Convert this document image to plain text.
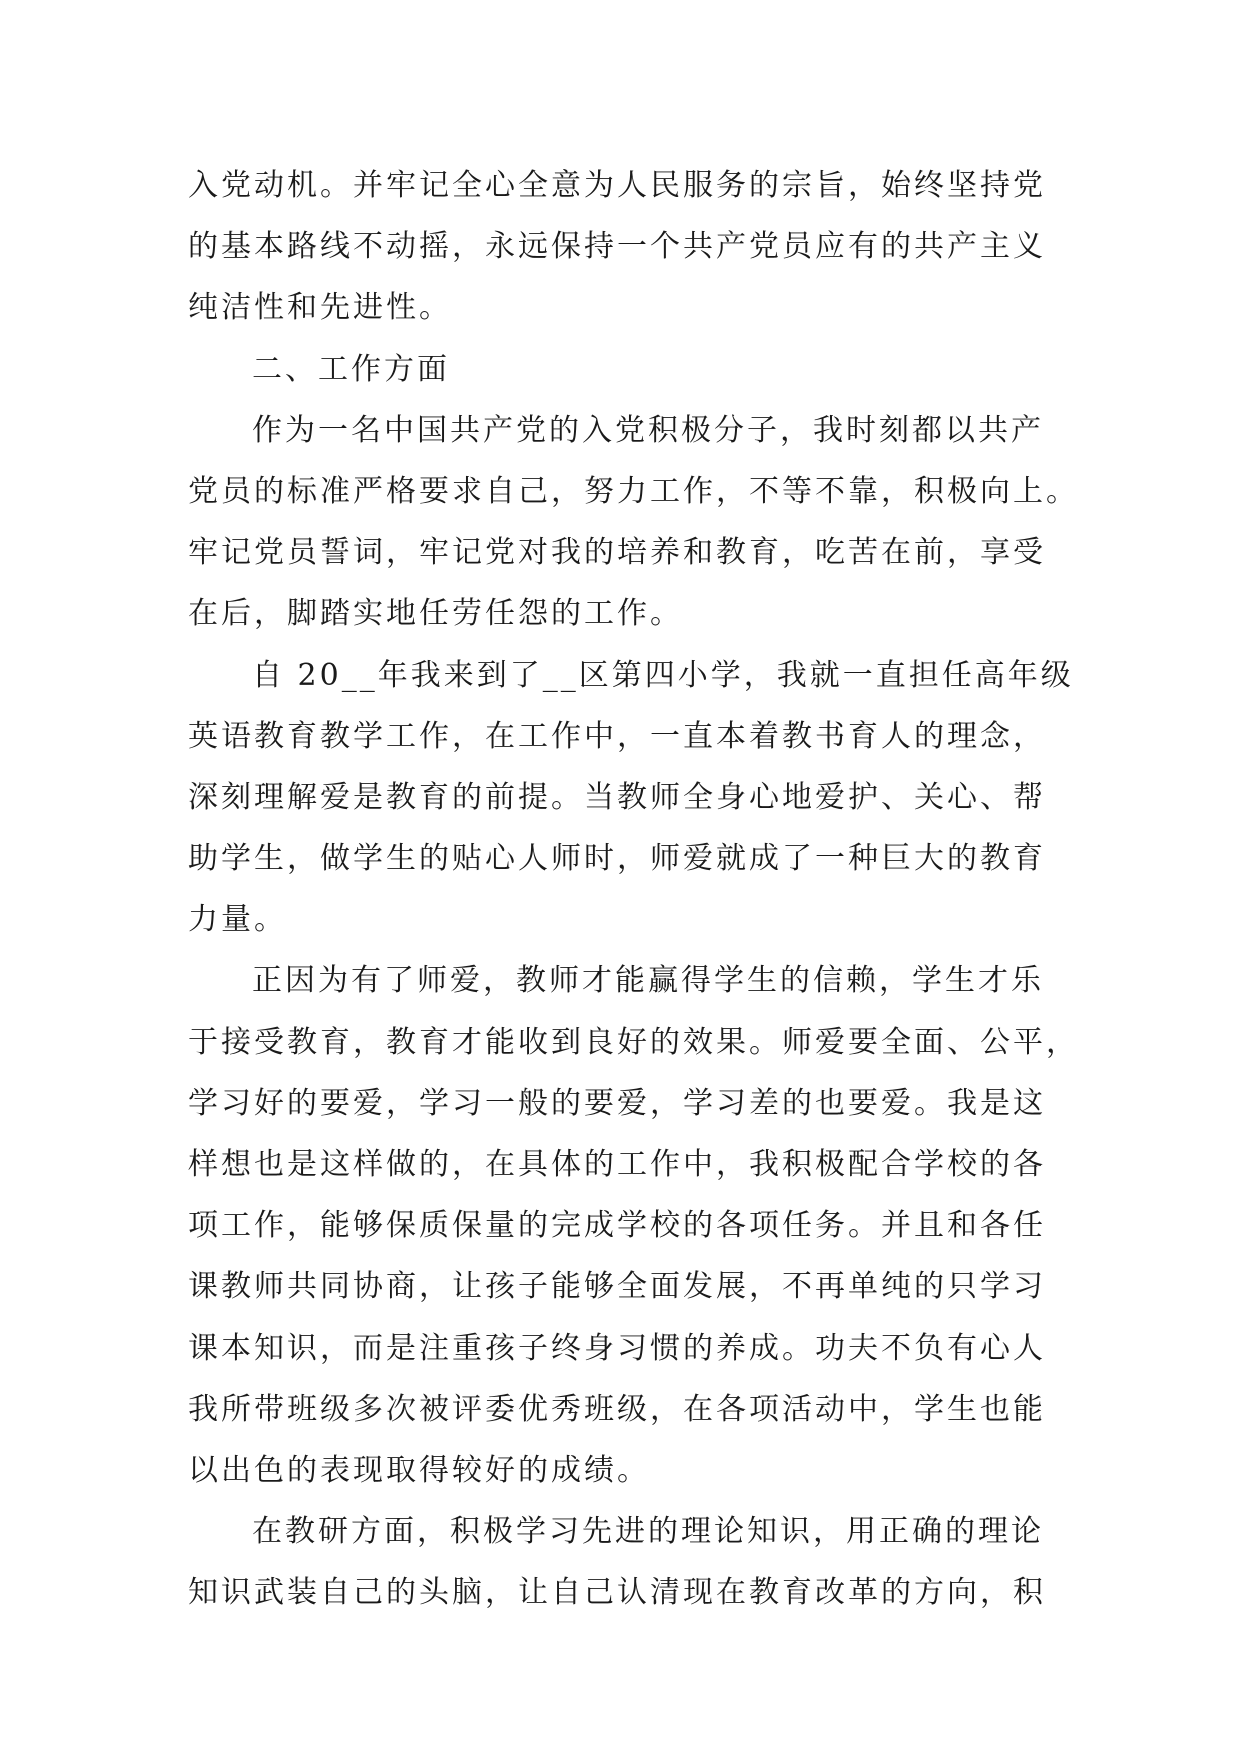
入党动机。并牢记全心全意为人民服务的宗旨，始终坚持党
的基本路线不动摇，永远保持一个共产党员应有的共产主义
纯洁性和先进性。
二、工作方面
作为一名中国共产党的入党积极分子，我时刻都以共产
党员的标准严格要求自己，努力工作，不等不靠，积极向上。
牢记党员誓词，牢记党对我的培养和教育，吃苦在前，享受
在后，脚踏实地任劳任怨的工作。
自 20__年我来到了__区第四小学，我就一直担任高年级
英语教育教学工作，在工作中，一直本着教书育人的理念，
深刻理解爱是教育的前提。当教师全身心地爱护、关心、帮
助学生，做学生的贴心人师时，师爱就成了一种巨大的教育
力量。
正因为有了师爱，教师才能赢得学生的信赖，学生才乐
于接受教育，教育才能收到良好的效果。师爱要全面、公平，
学习好的要爱，学习一般的要爱，学习差的也要爱。我是这
样想也是这样做的，在具体的工作中，我积极配合学校的各
项工作，能够保质保量的完成学校的各项任务。并且和各任
课教师共同协商，让孩子能够全面发展，不再单纯的只学习
课本知识，而是注重孩子终身习惯的养成。功夫不负有心人
我所带班级多次被评委优秀班级，在各项活动中，学生也能
以出色的表现取得较好的成绩。
在教研方面，积极学习先进的理论知识，用正确的理论
知识武装自己的头脑，让自己认清现在教育改革的方向，积
